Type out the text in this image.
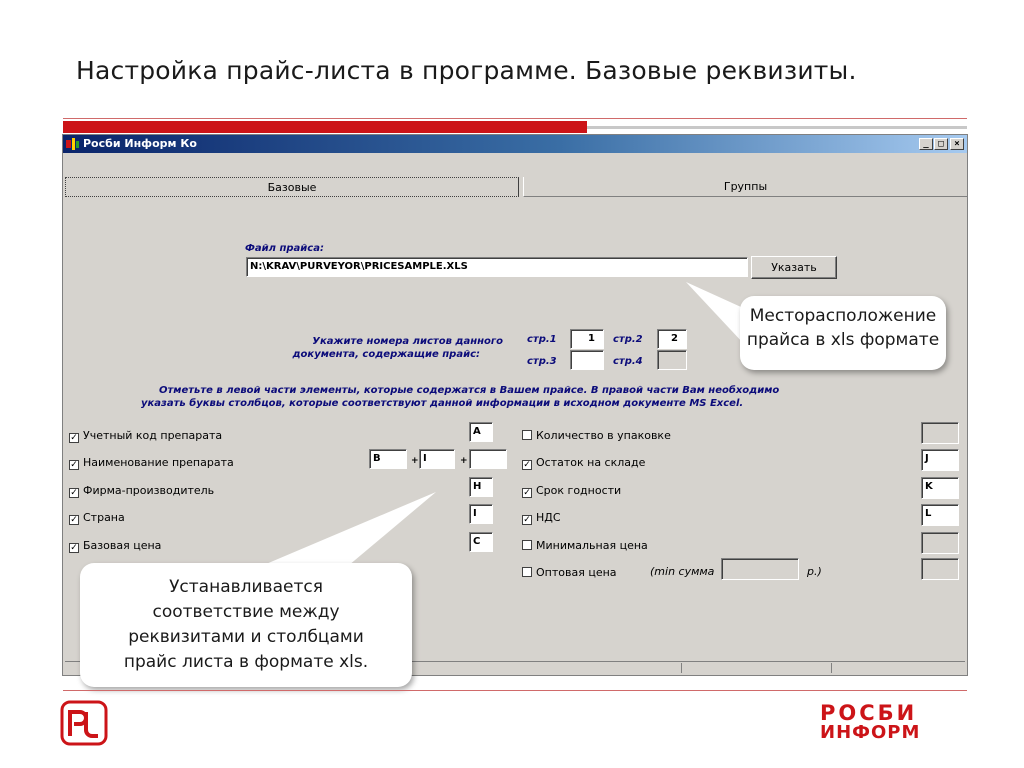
Настройка прайс-листа в программе. Базовые реквизиты.
Росби Информ Ко	_	□	×
Базовые	Группы
Файл прайса:
N:\KRAV\PURVEYOR\PRICESAMPLE.XLS	Указать
Укажите номера листов данного
документа, содержащие прайс:
стр.1	1	стр.2	2
стр.3	стр.4
Отметьте в левой части элементы, которые содержатся в Вашем прайсе. В правой части Вам необходимо
указать буквы столбцов, которые соответствуют данной информации в исходном документе MS Excel.
✓ Учетный код препарата	A
✓ Наименование препарата	B	+ I	+
✓ Фирма-производитель	H
✓ Страна	I
✓ Базовая цена	C
Количество в упаковке
✓ Остаток на складе	J
✓ Срок годности	K
✓ НДС	L
Минимальная цена
Оптовая цена	(min сумма	р.)
Месторасположение прайса в xls формате
Устанавливается соответствие между реквизитами и столбцами прайс листа в формате xls.
РОСБИ
ИНФОРМ
